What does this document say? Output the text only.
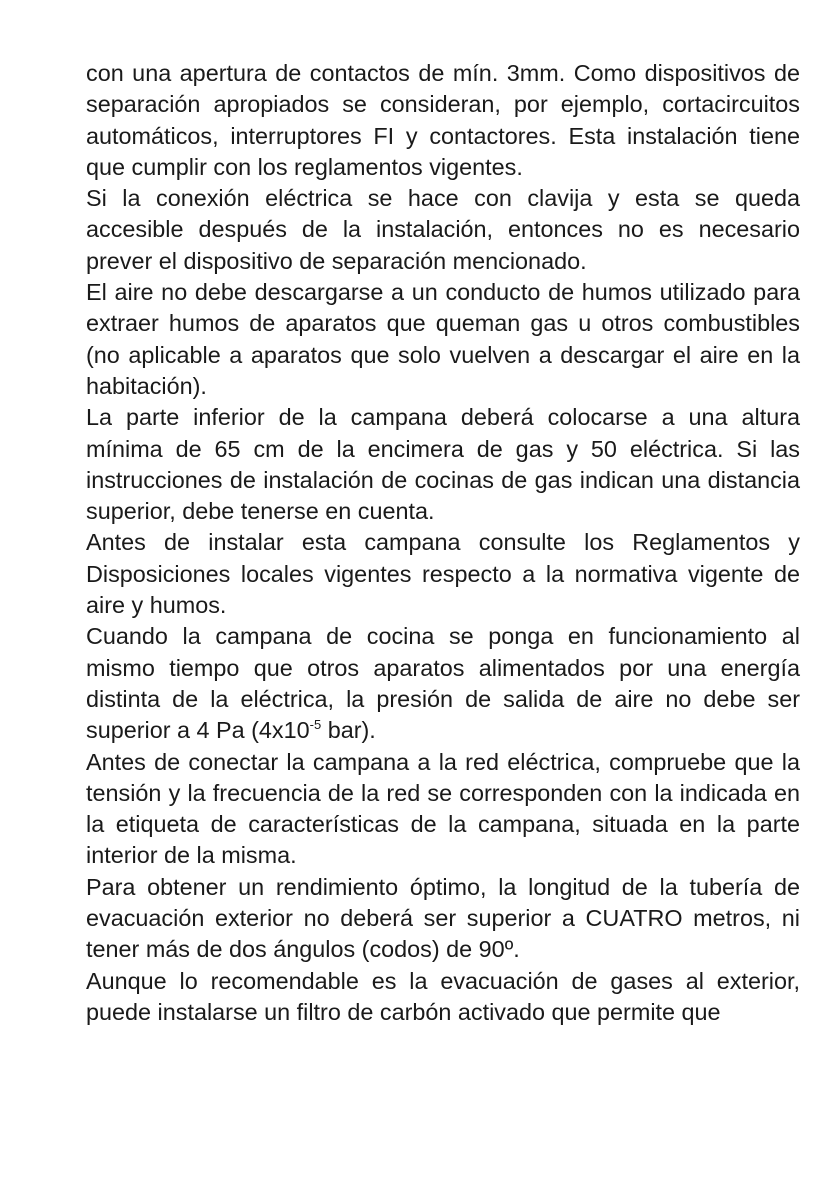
con una apertura de contactos de mín. 3mm. Como dispositivos de separación apropiados se consideran, por ejemplo, cortacircuitos automáticos, interruptores FI y contactores. Esta instalación tiene que cumplir con los reglamentos vigentes.

Si la conexión eléctrica se hace con clavija y esta se queda accesible después de la instalación, entonces no es necesario prever el dispositivo de separación mencionado.

El aire no debe descargarse a un conducto de humos utilizado para extraer humos de aparatos que queman gas u otros combustibles (no aplicable a aparatos que solo vuelven a descargar el aire en la habitación).

La parte inferior de la campana deberá colocarse a una altura mínima de 65 cm de la encimera de gas y 50 eléctrica. Si las instrucciones de instalación de cocinas de gas indican una distancia superior, debe tenerse en cuenta.

Antes de instalar esta campana consulte los Reglamentos y Disposiciones locales vigentes respecto a la normativa vigente de aire y humos.

Cuando la campana de cocina se ponga en funcionamiento al mismo tiempo que otros aparatos alimentados por una energía distinta de la eléctrica, la presión de salida de aire no debe ser superior a 4 Pa ($4x10^{-5}$ bar).

Antes de conectar la campana a la red eléctrica, compruebe que la tensión y la frecuencia de la red se corresponden con la indicada en la etiqueta de características de la campana, situada en la parte interior de la misma.

Para obtener un rendimiento óptimo, la longitud de la tubería de evacuación exterior no deberá ser superior a CUATRO metros, ni tener más de dos ángulos (codos) de 90º.

Aunque lo recomendable es la evacuación de gases al exterior, puede instalarse un filtro de carbón activado que permite que
